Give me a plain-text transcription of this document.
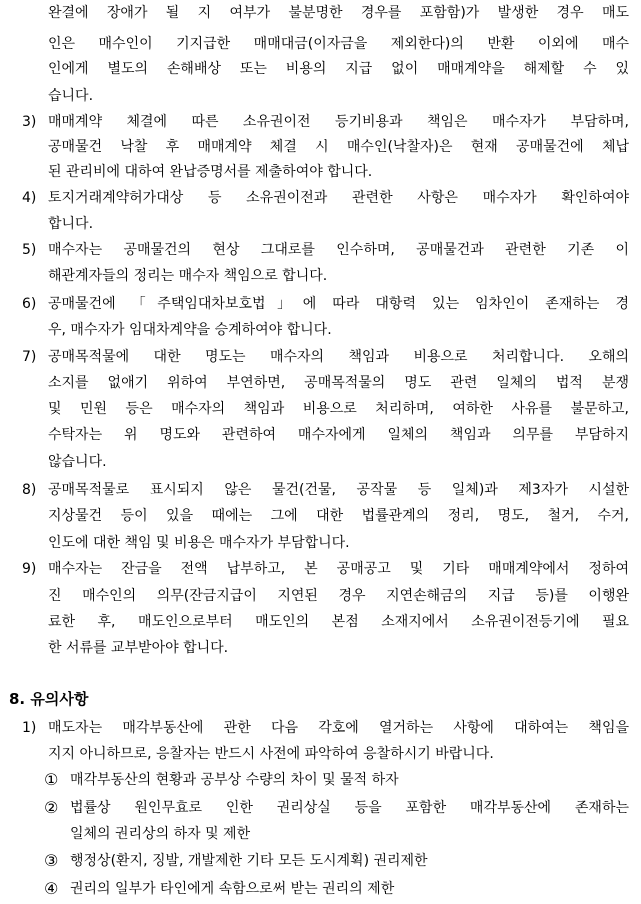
완결에 장애가 될 지 여부가 불분명한 경우를 포함함)가 발생한 경우 매도
인은 매수인이 기지급한 매매대금(이자금을 제외한다)의 반환 이외에 매수
인에게 별도의 손해배상 또는 비용의 지급 없이 매매계약을 해제할 수 있
습니다.
3) 매매계약 체결에 따른 소유권이전 등기비용과 책임은 매수자가 부담하며,
공매물건 낙찰 후 매매계약 체결 시 매수인(낙찰자)은 현재 공매물건에 체납
된 관리비에 대하여 완납증명서를 제출하여야 합니다.
4) 토지거래계약허가대상 등 소유권이전과 관련한 사항은 매수자가 확인하여야
합니다.
5) 매수자는 공매물건의 현상 그대로를 인수하며, 공매물건과 관련한 기존 이
해관계자들의 정리는 매수자 책임으로 합니다.
6) 공매물건에 「주택임대차보호법」에 따라 대항력 있는 임차인이 존재하는 경
우, 매수자가 임대차계약을 승계하여야 합니다.
7) 공매목적물에 대한 명도는 매수자의 책임과 비용으로 처리합니다. 오해의
소지를 없애기 위하여 부연하면, 공매목적물의 명도 관련 일체의 법적 분쟁
및 민원 등은 매수자의 책임과 비용으로 처리하며, 여하한 사유를 불문하고,
수탁자는 위 명도와 관련하여 매수자에게 일체의 책임과 의무를 부담하지
않습니다.
8) 공매목적물로 표시되지 않은 물건(건물, 공작물 등 일체)과 제3자가 시설한
지상물건 등이 있을 때에는 그에 대한 법률관계의 정리, 명도, 철거, 수거,
인도에 대한 책임 및 비용은 매수자가 부담합니다.
9) 매수자는 잔금을 전액 납부하고, 본 공매공고 및 기타 매매계약에서 정하여
진 매수인의 의무(잔금지급이 지연된 경우 지연손해금의 지급 등)를 이행완
료한 후, 매도인으로부터 매도인의 본점 소재지에서 소유권이전등기에 필요
한 서류를 교부받아야 합니다.
8. 유의사항
1) 매도자는 매각부동산에 관한 다음 각호에 열거하는 사항에 대하여는 책임을
지지 아니하므로, 응찰자는 반드시 사전에 파악하여 응찰하시기 바랍니다.
① 매각부동산의 현황과 공부상 수량의 차이 및 물적 하자
② 법률상 원인무효로 인한 권리상실 등을 포함한 매각부동산에 존재하는
일체의 권리상의 하자 및 제한
③ 행정상(환지, 징발, 개발제한 기타 모든 도시계획) 권리제한
④ 권리의 일부가 타인에게 속함으로써 받는 권리의 제한
